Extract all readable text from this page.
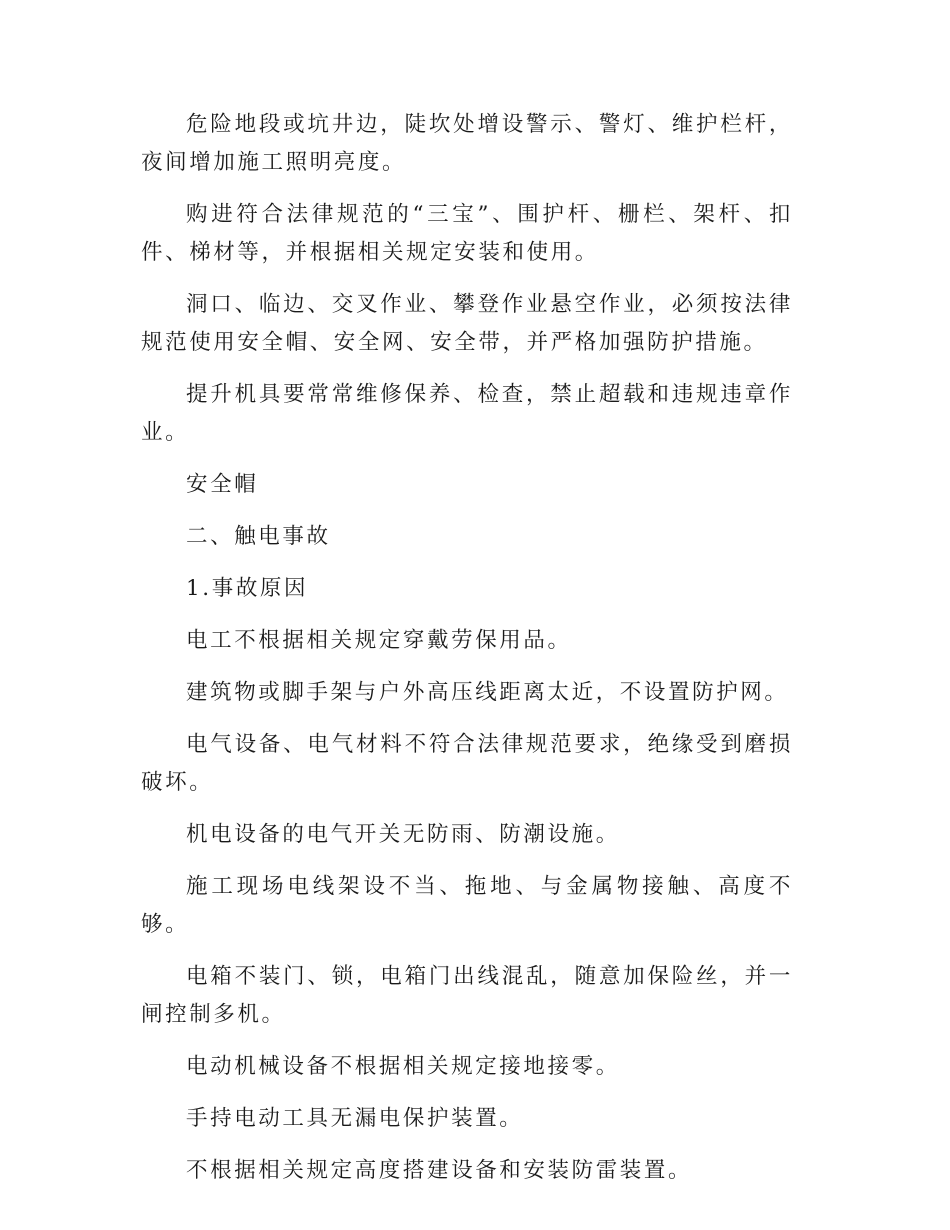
危险地段或坑井边，陡坎处增设警示、警灯、维护栏杆，夜间增加施工照明亮度。

购进符合法律规范的“三宝”、围护杆、栅栏、架杆、扣件、梯材等，并根据相关规定安装和使用。

洞口、临边、交叉作业、攀登作业悬空作业，必须按法律规范使用安全帽、安全网、安全带，并严格加强防护措施。

提升机具要常常维修保养、检查，禁止超载和违规违章作业。

安全帽

二、触电事故

1.事故原因

电工不根据相关规定穿戴劳保用品。

建筑物或脚手架与户外高压线距离太近，不设置防护网。

电气设备、电气材料不符合法律规范要求，绝缘受到磨损破坏。

机电设备的电气开关无防雨、防潮设施。

施工现场电线架设不当、拖地、与金属物接触、高度不够。

电箱不装门、锁，电箱门出线混乱，随意加保险丝，并一闸控制多机。

电动机械设备不根据相关规定接地接零。

手持电动工具无漏电保护装置。

不根据相关规定高度搭建设备和安装防雷装置。
